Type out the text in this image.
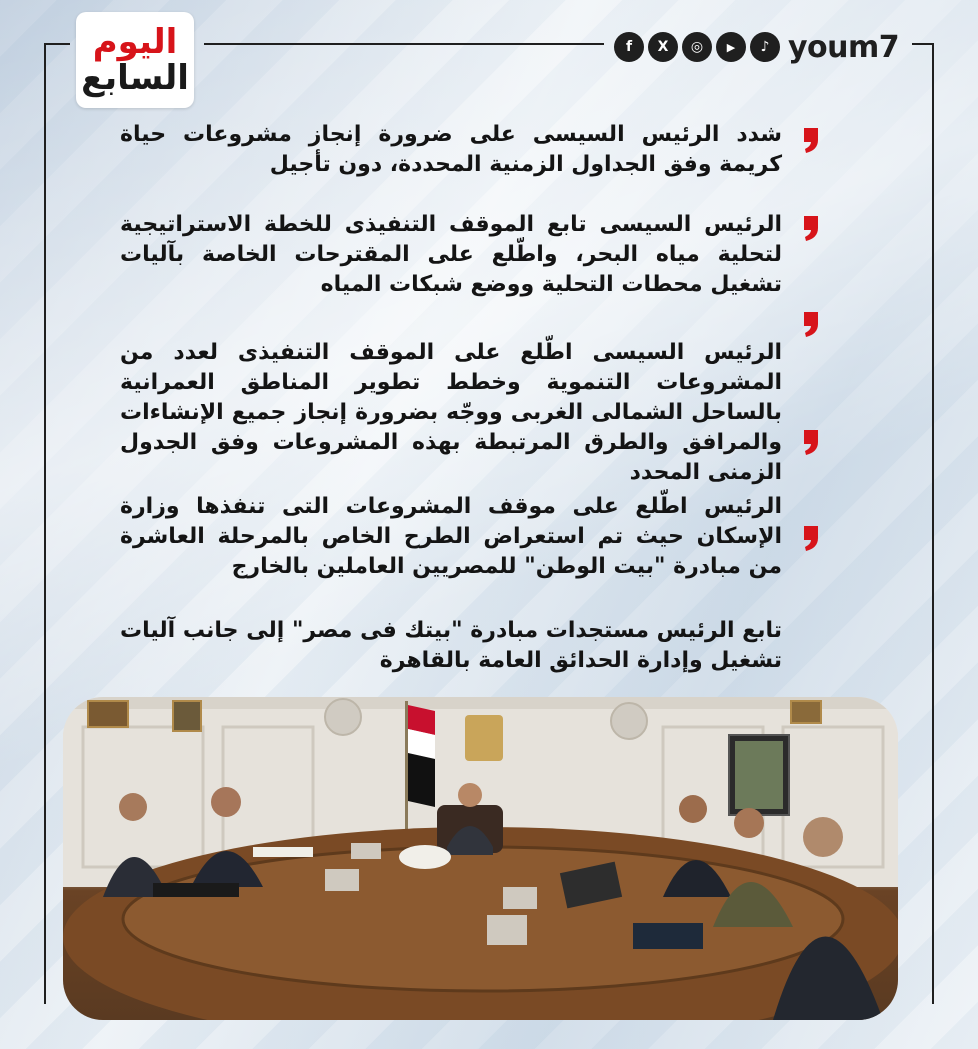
اليوم
السابع
f	X	◎	▶	♪ youm7

شدد الرئيس السيسى على ضرورة إنجاز مشروعات حياة كريمة وفق الجداول الزمنية المحددة، دون تأجيل

الرئيس السيسى تابع الموقف التنفيذى للخطة الاستراتيجية لتحلية مياه البحر، واطّلع على المقترحات الخاصة بآليات تشغيل محطات التحلية ووضع شبكات المياه

الرئيس السيسى اطّلع على الموقف التنفيذى لعدد من المشروعات التنموية وخطط تطوير المناطق العمرانية بالساحل الشمالى الغربى ووجّه بضرورة إنجاز جميع الإنشاءات والمرافق والطرق المرتبطة بهذه المشروعات وفق الجدول الزمنى المحدد

الرئيس اطّلع على موقف المشروعات التى تنفذها وزارة الإسكان حيث تم استعراض الطرح الخاص بالمرحلة العاشرة من مبادرة "بيت الوطن" للمصريين العاملين بالخارج

تابع الرئيس مستجدات مبادرة "بيتك فى مصر" إلى جانب آليات تشغيل وإدارة الحدائق العامة بالقاهرة
